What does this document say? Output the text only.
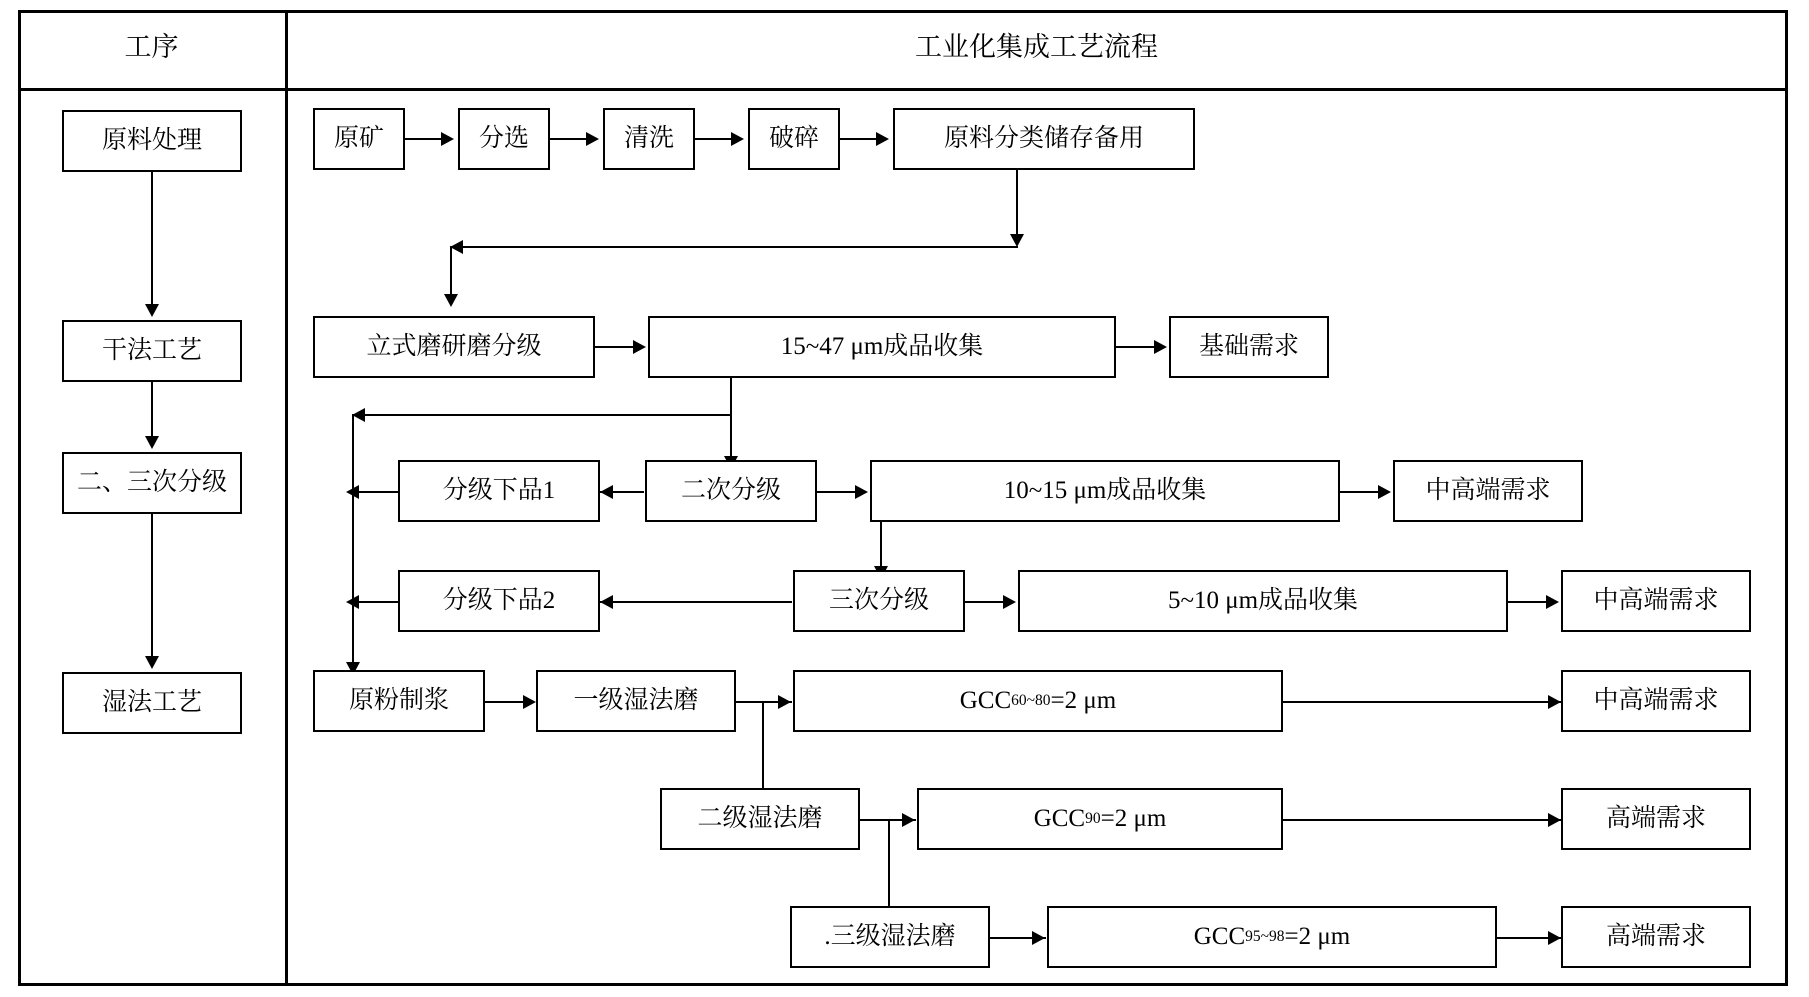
工序	工业化集成工艺流程
原料处理
干法工艺
二、三次分级
湿法工艺
原矿	分选	清洗	破碎	原料分类储存备用
立式磨研磨分级	15~47 μm成品收集	基础需求
分级下品1	二次分级	10~15 μm成品收集	中高端需求
分级下品2	三次分级	5~10 μm成品收集	中高端需求
原粉制浆	一级湿法磨	GCC 60~80 =2 μm	中高端需求
二级湿法磨	GCC 90 =2 μm	高端需求
.三级湿法磨	GCC 95~98 =2 μm	高端需求
